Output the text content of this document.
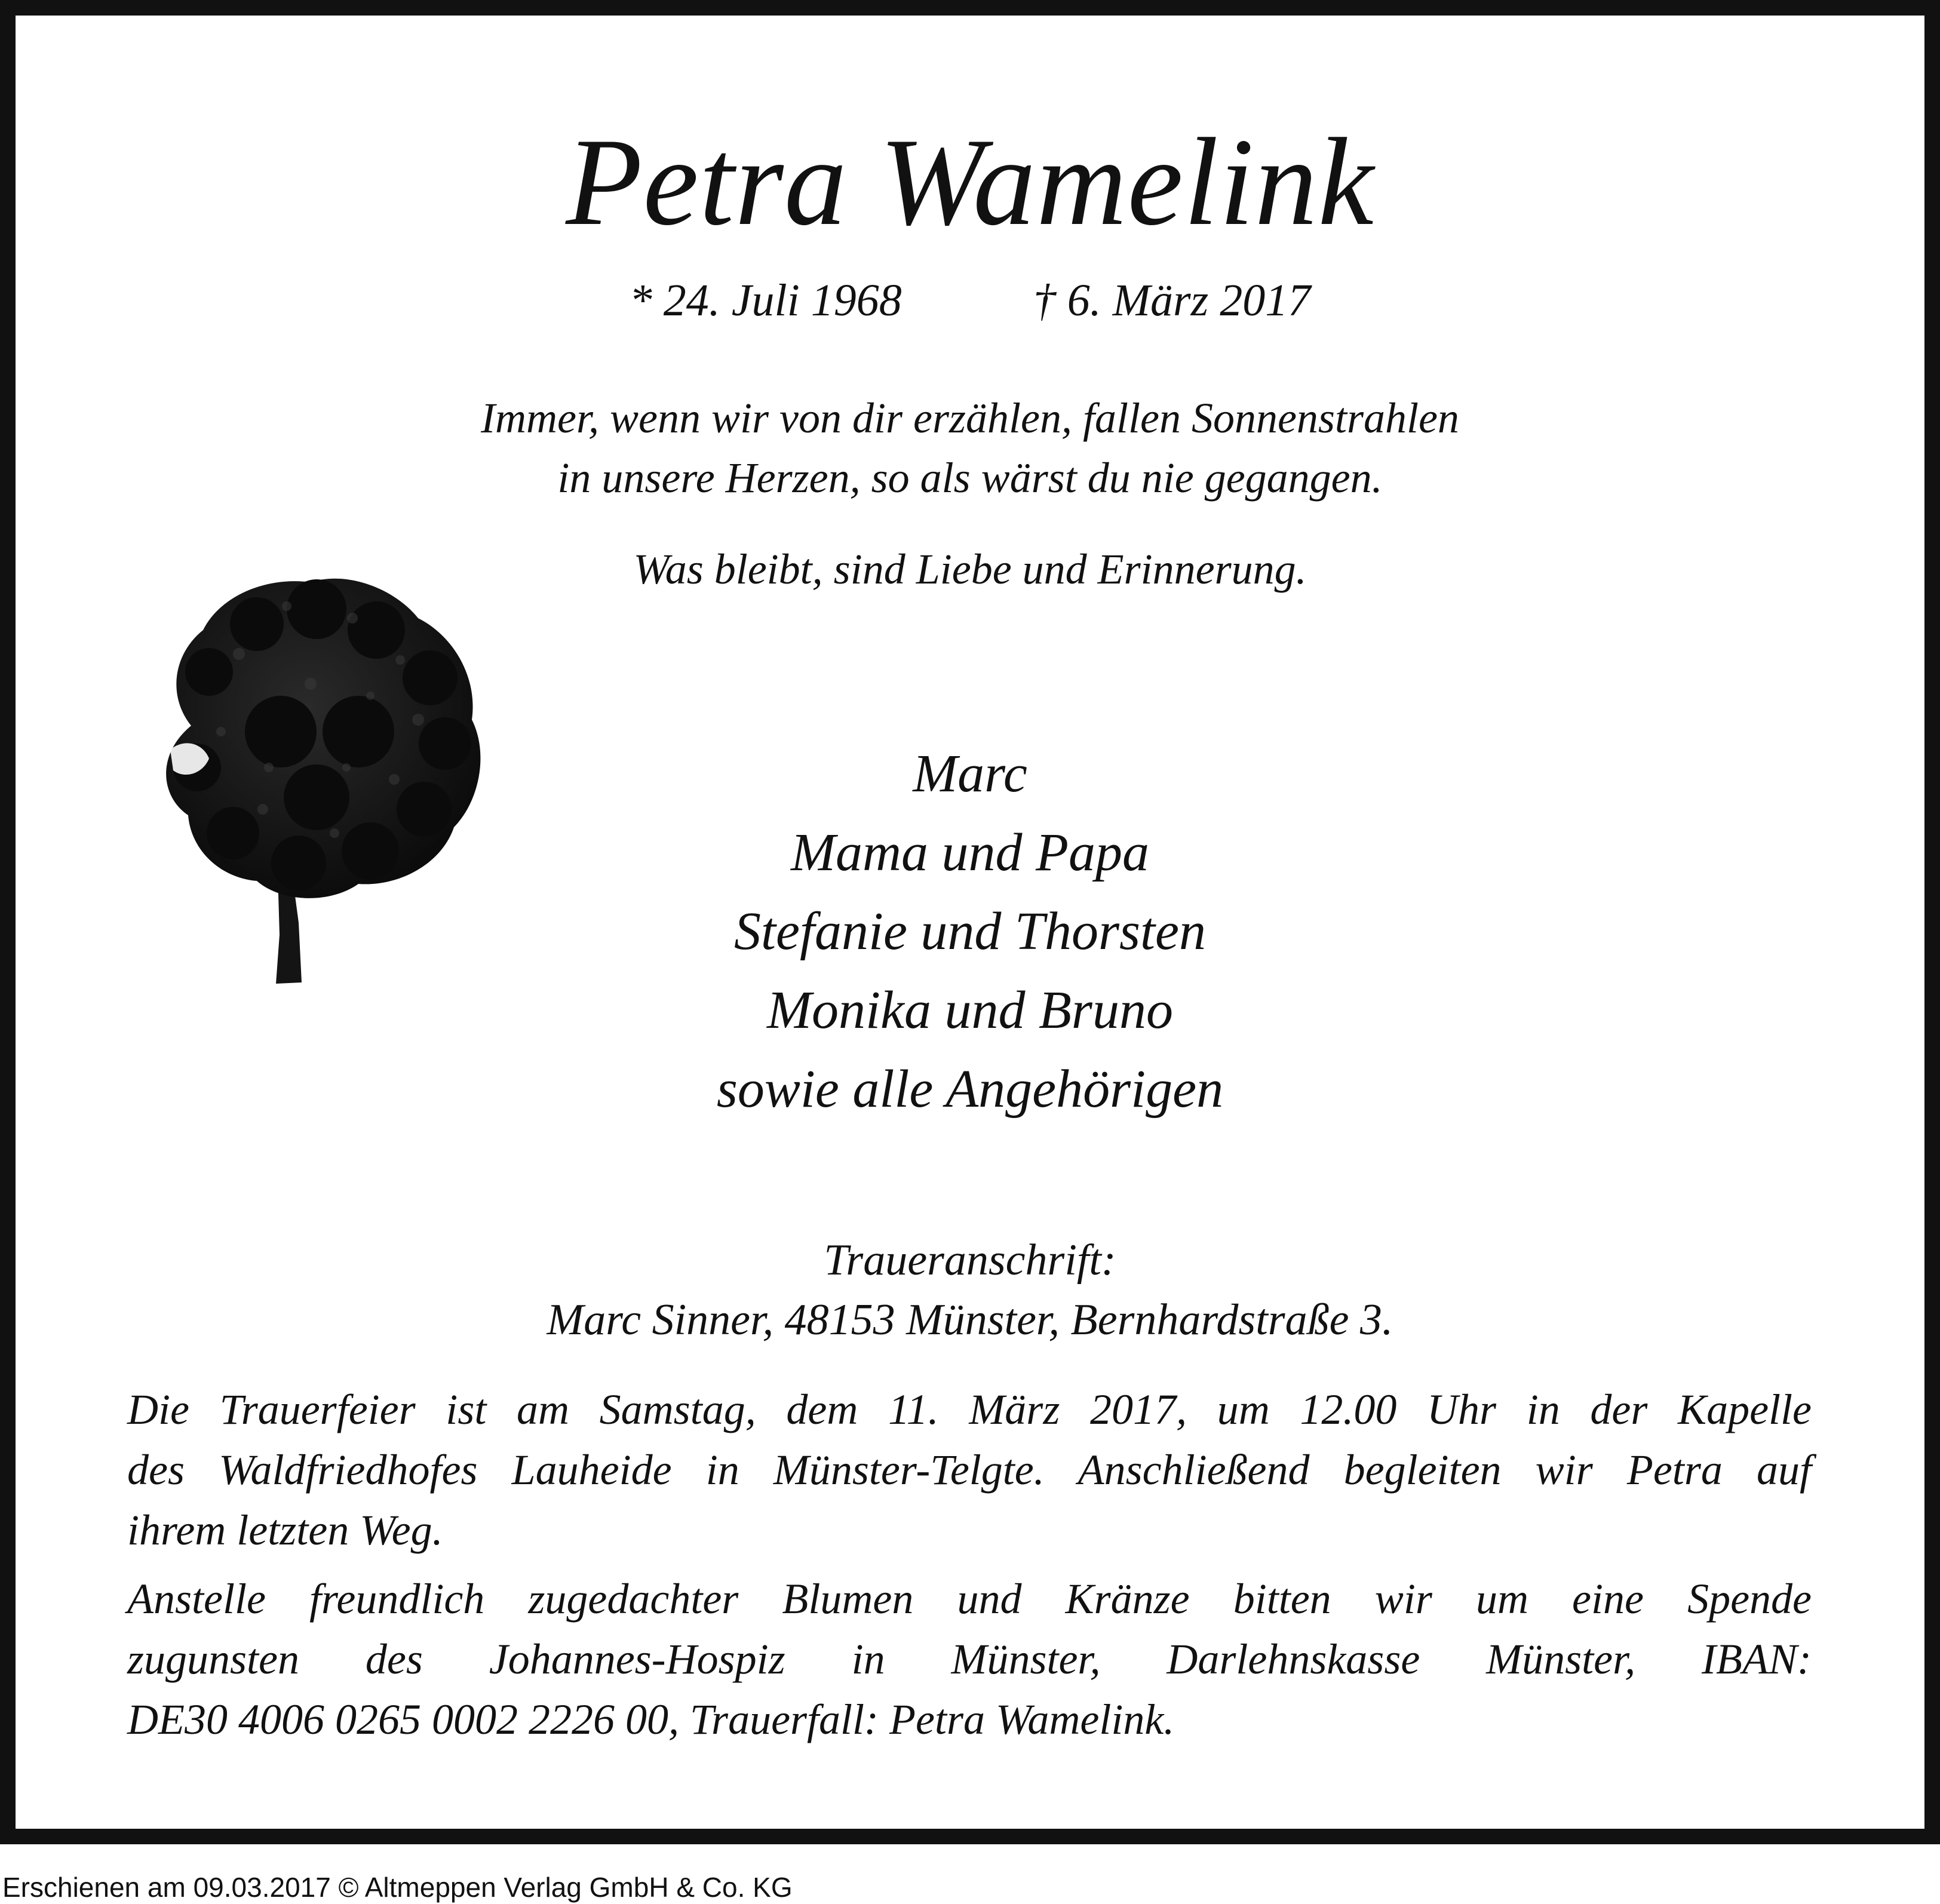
Petra Wamelink
* 24. Juli 1968	† 6. März 2017
Immer, wenn wir von dir erzählen, fallen Sonnenstrahlen
in unsere Herzen, so als wärst du nie gegangen.
Was bleibt, sind Liebe und Erinnerung.
Marc
Mama und Papa
Stefanie und Thorsten
Monika und Bruno
sowie alle Angehörigen
Traueranschrift:
Marc Sinner, 48153 Münster, Bernhardstraße 3.
Die Trauerfeier ist am Samstag, dem 11. März 2017, um 12.00 Uhr in der Kapelle
des Waldfriedhofes Lauheide in Münster-Telgte. Anschließend begleiten wir Petra auf
ihrem letzten Weg.
Anstelle freundlich zugedachter Blumen und Kränze bitten wir um eine Spende
zugunsten des Johannes-Hospiz in Münster, Darlehnskasse Münster, IBAN:
DE30 4006 0265 0002 2226 00, Trauerfall: Petra Wamelink.
Erschienen am 09.03.2017 © Altmeppen Verlag GmbH & Co. KG
